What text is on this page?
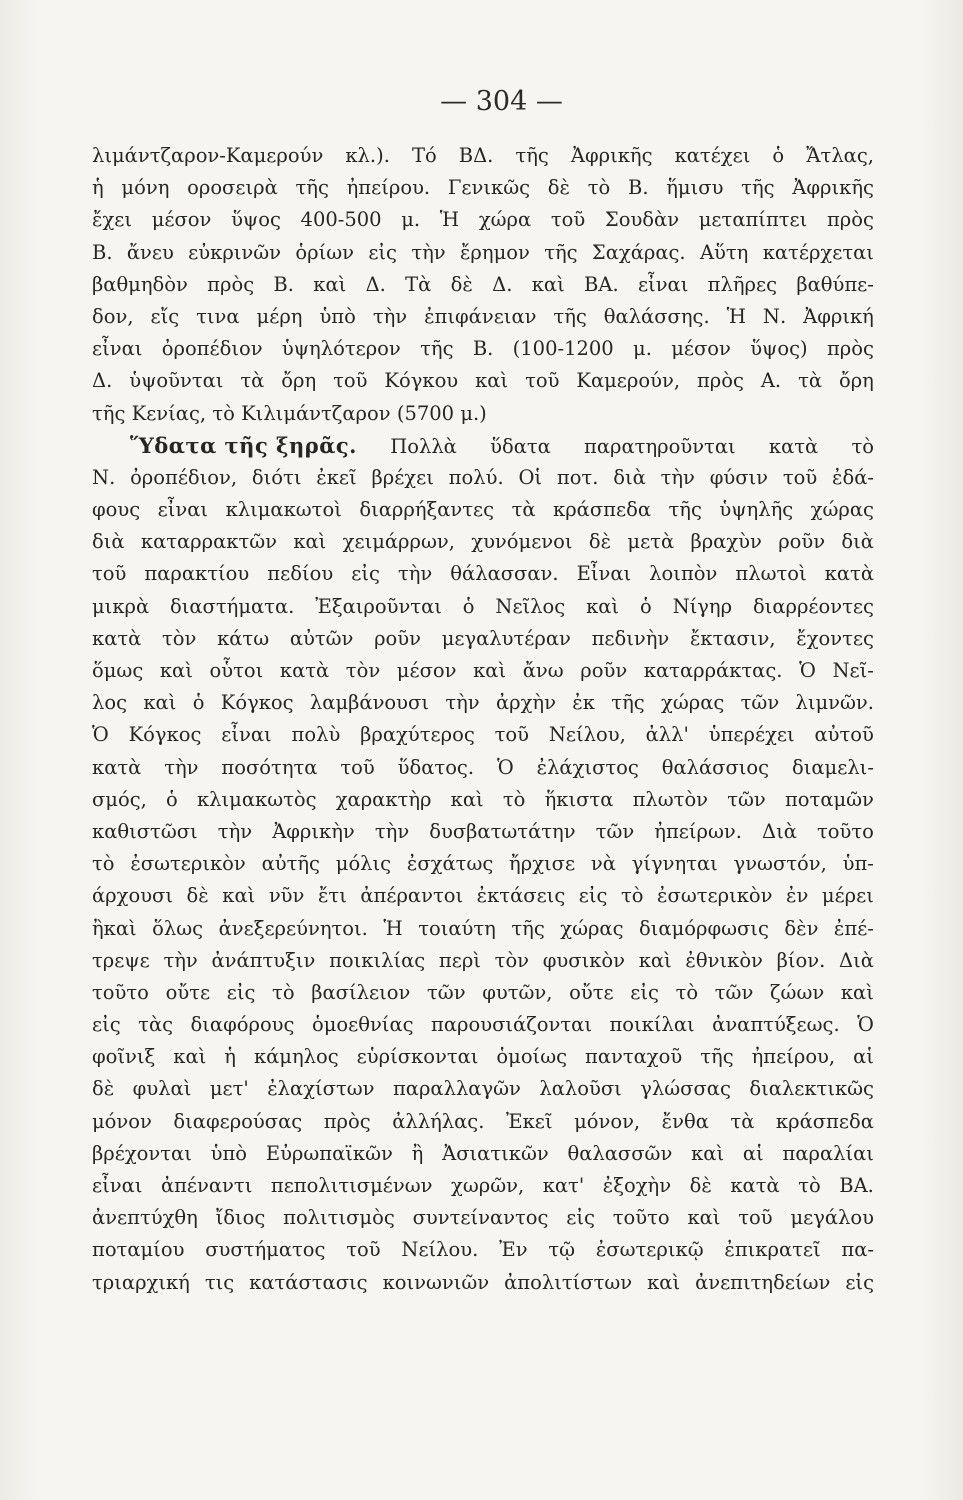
— 304 —
λιμάντζαρον-Καμερούν κλ.). Τό ΒΔ. τῆς Ἀφρικῆς κατέχει ὁ Ἄτλας,
ἡ μόνη οροσειρὰ τῆς ἠπείρου. Γενικῶς δὲ τὸ Β. ἥμισυ τῆς Ἀφρικῆς
ἔχει μέσον ὕψος 400-500 μ. Ἡ χώρα τοῦ Σουδὰν μεταπίπτει πρὸς
Β. ἄνευ εὐκρινῶν ὁρίων εἰς τὴν ἔρημον τῆς Σαχάρας. Αὕτη κατέρχεται
βαθμηδὸν πρὸς Β. καὶ Δ. Τὰ δὲ Δ. καὶ ΒΑ. εἶναι πλῆρες βαθύπε-
δον, εἴς τινα μέρη ὑπὸ τὴν ἐπιφάνειαν τῆς θαλάσσης. Ἡ Ν. Ἀφρική
εἶναι ὀροπέδιον ὑψηλότερον τῆς Β. (100-1200 μ. μέσον ὕψος) πρὸς
Δ. ὑψοῦνται τὰ ὄρη τοῦ Κόγκου καὶ τοῦ Καμερούν, πρὸς Α. τὰ ὄρη
τῆς Κενίας, τὸ Κιλιμάντζαρον (5700 μ.)
Ὕδατα τῆς ξηρᾶς. Πολλὰ ὕδατα παρατηροῦνται κατὰ τὸ
Ν. ὀροπέδιον, διότι ἐκεῖ βρέχει πολύ. Οἱ ποτ. διὰ τὴν φύσιν τοῦ ἐδά-
φους εἶναι κλιμακωτοὶ διαρρήξαντες τὰ κράσπεδα τῆς ὑψηλῆς χώρας
διὰ καταρρακτῶν καὶ χειμάρρων, χυνόμενοι δὲ μετὰ βραχὺν ροῦν διὰ
τοῦ παρακτίου πεδίου εἰς τὴν θάλασσαν. Εἶναι λοιπὸν πλωτοὶ κατὰ
μικρὰ διαστήματα. Ἐξαιροῦνται ὁ Νεῖλος καὶ ὁ Νίγηρ διαρρέοντες
κατὰ τὸν κάτω αὐτῶν ροῦν μεγαλυτέραν πεδινὴν ἔκτασιν, ἔχοντες
ὅμως καὶ οὗτοι κατὰ τὸν μέσον καὶ ἄνω ροῦν καταρράκτας. Ὁ Νεῖ-
λος καὶ ὁ Κόγκος λαμβάνουσι τὴν ἀρχὴν ἐκ τῆς χώρας τῶν λιμνῶν.
Ὁ Κόγκος εἶναι πολὺ βραχύτερος τοῦ Νείλου, ἀλλ' ὑπερέχει αὐτοῦ
κατὰ τὴν ποσότητα τοῦ ὕδατος. Ὁ ἐλάχιστος θαλάσσιος διαμελι-
σμός, ὁ κλιμακωτὸς χαρακτὴρ καὶ τὸ ἥκιστα πλωτὸν τῶν ποταμῶν
καθιστῶσι τὴν Ἀφρικὴν τὴν δυσβατωτάτην τῶν ἠπείρων. Διὰ τοῦτο
τὸ ἐσωτερικὸν αὐτῆς μόλις ἐσχάτως ἤρχισε νὰ γίγνηται γνωστόν, ὑπ-
άρχουσι δὲ καὶ νῦν ἔτι ἀπέραντοι ἐκτάσεις εἰς τὸ ἐσωτερικὸν ἐν μέρει
ἢκαὶ ὅλως ἀνεξερεύνητοι. Ἡ τοιαύτη τῆς χώρας διαμόρφωσις δὲν ἐπέ-
τρεψε τὴν ἀνάπτυξιν ποικιλίας περὶ τὸν φυσικὸν καὶ ἐθνικὸν βίον. Διὰ
τοῦτο οὔτε εἰς τὸ βασίλειον τῶν φυτῶν, οὔτε εἰς τὸ τῶν ζώων καὶ
εἰς τὰς διαφόρους ὁμοεθνίας παρουσιάζονται ποικίλαι ἀναπτύξεως. Ὁ
φοῖνιξ καὶ ἡ κάμηλος εὑρίσκονται ὁμοίως πανταχοῦ τῆς ἠπείρου, αἱ
δὲ φυλαὶ μετ' ἐλαχίστων παραλλαγῶν λαλοῦσι γλώσσας διαλεκτικῶς
μόνον διαφερούσας πρὸς ἀλλήλας. Ἐκεῖ μόνον, ἔνθα τὰ κράσπεδα
βρέχονται ὑπὸ Εὐρωπαϊκῶν ἢ Ἀσιατικῶν θαλασσῶν καὶ αἱ παραλίαι
εἶναι ἀπέναντι πεπολιτισμένων χωρῶν, κατ' ἐξοχὴν δὲ κατὰ τὸ ΒΑ.
ἀνεπτύχθη ἴδιος πολιτισμὸς συντείναντος εἰς τοῦτο καὶ τοῦ μεγάλου
ποταμίου συστήματος τοῦ Νείλου. Ἐν τῷ ἐσωτερικῷ ἐπικρατεῖ πα-
τριαρχική τις κατάστασις κοινωνιῶν ἀπολιτίστων καὶ ἀνεπιτηδείων εἰς
